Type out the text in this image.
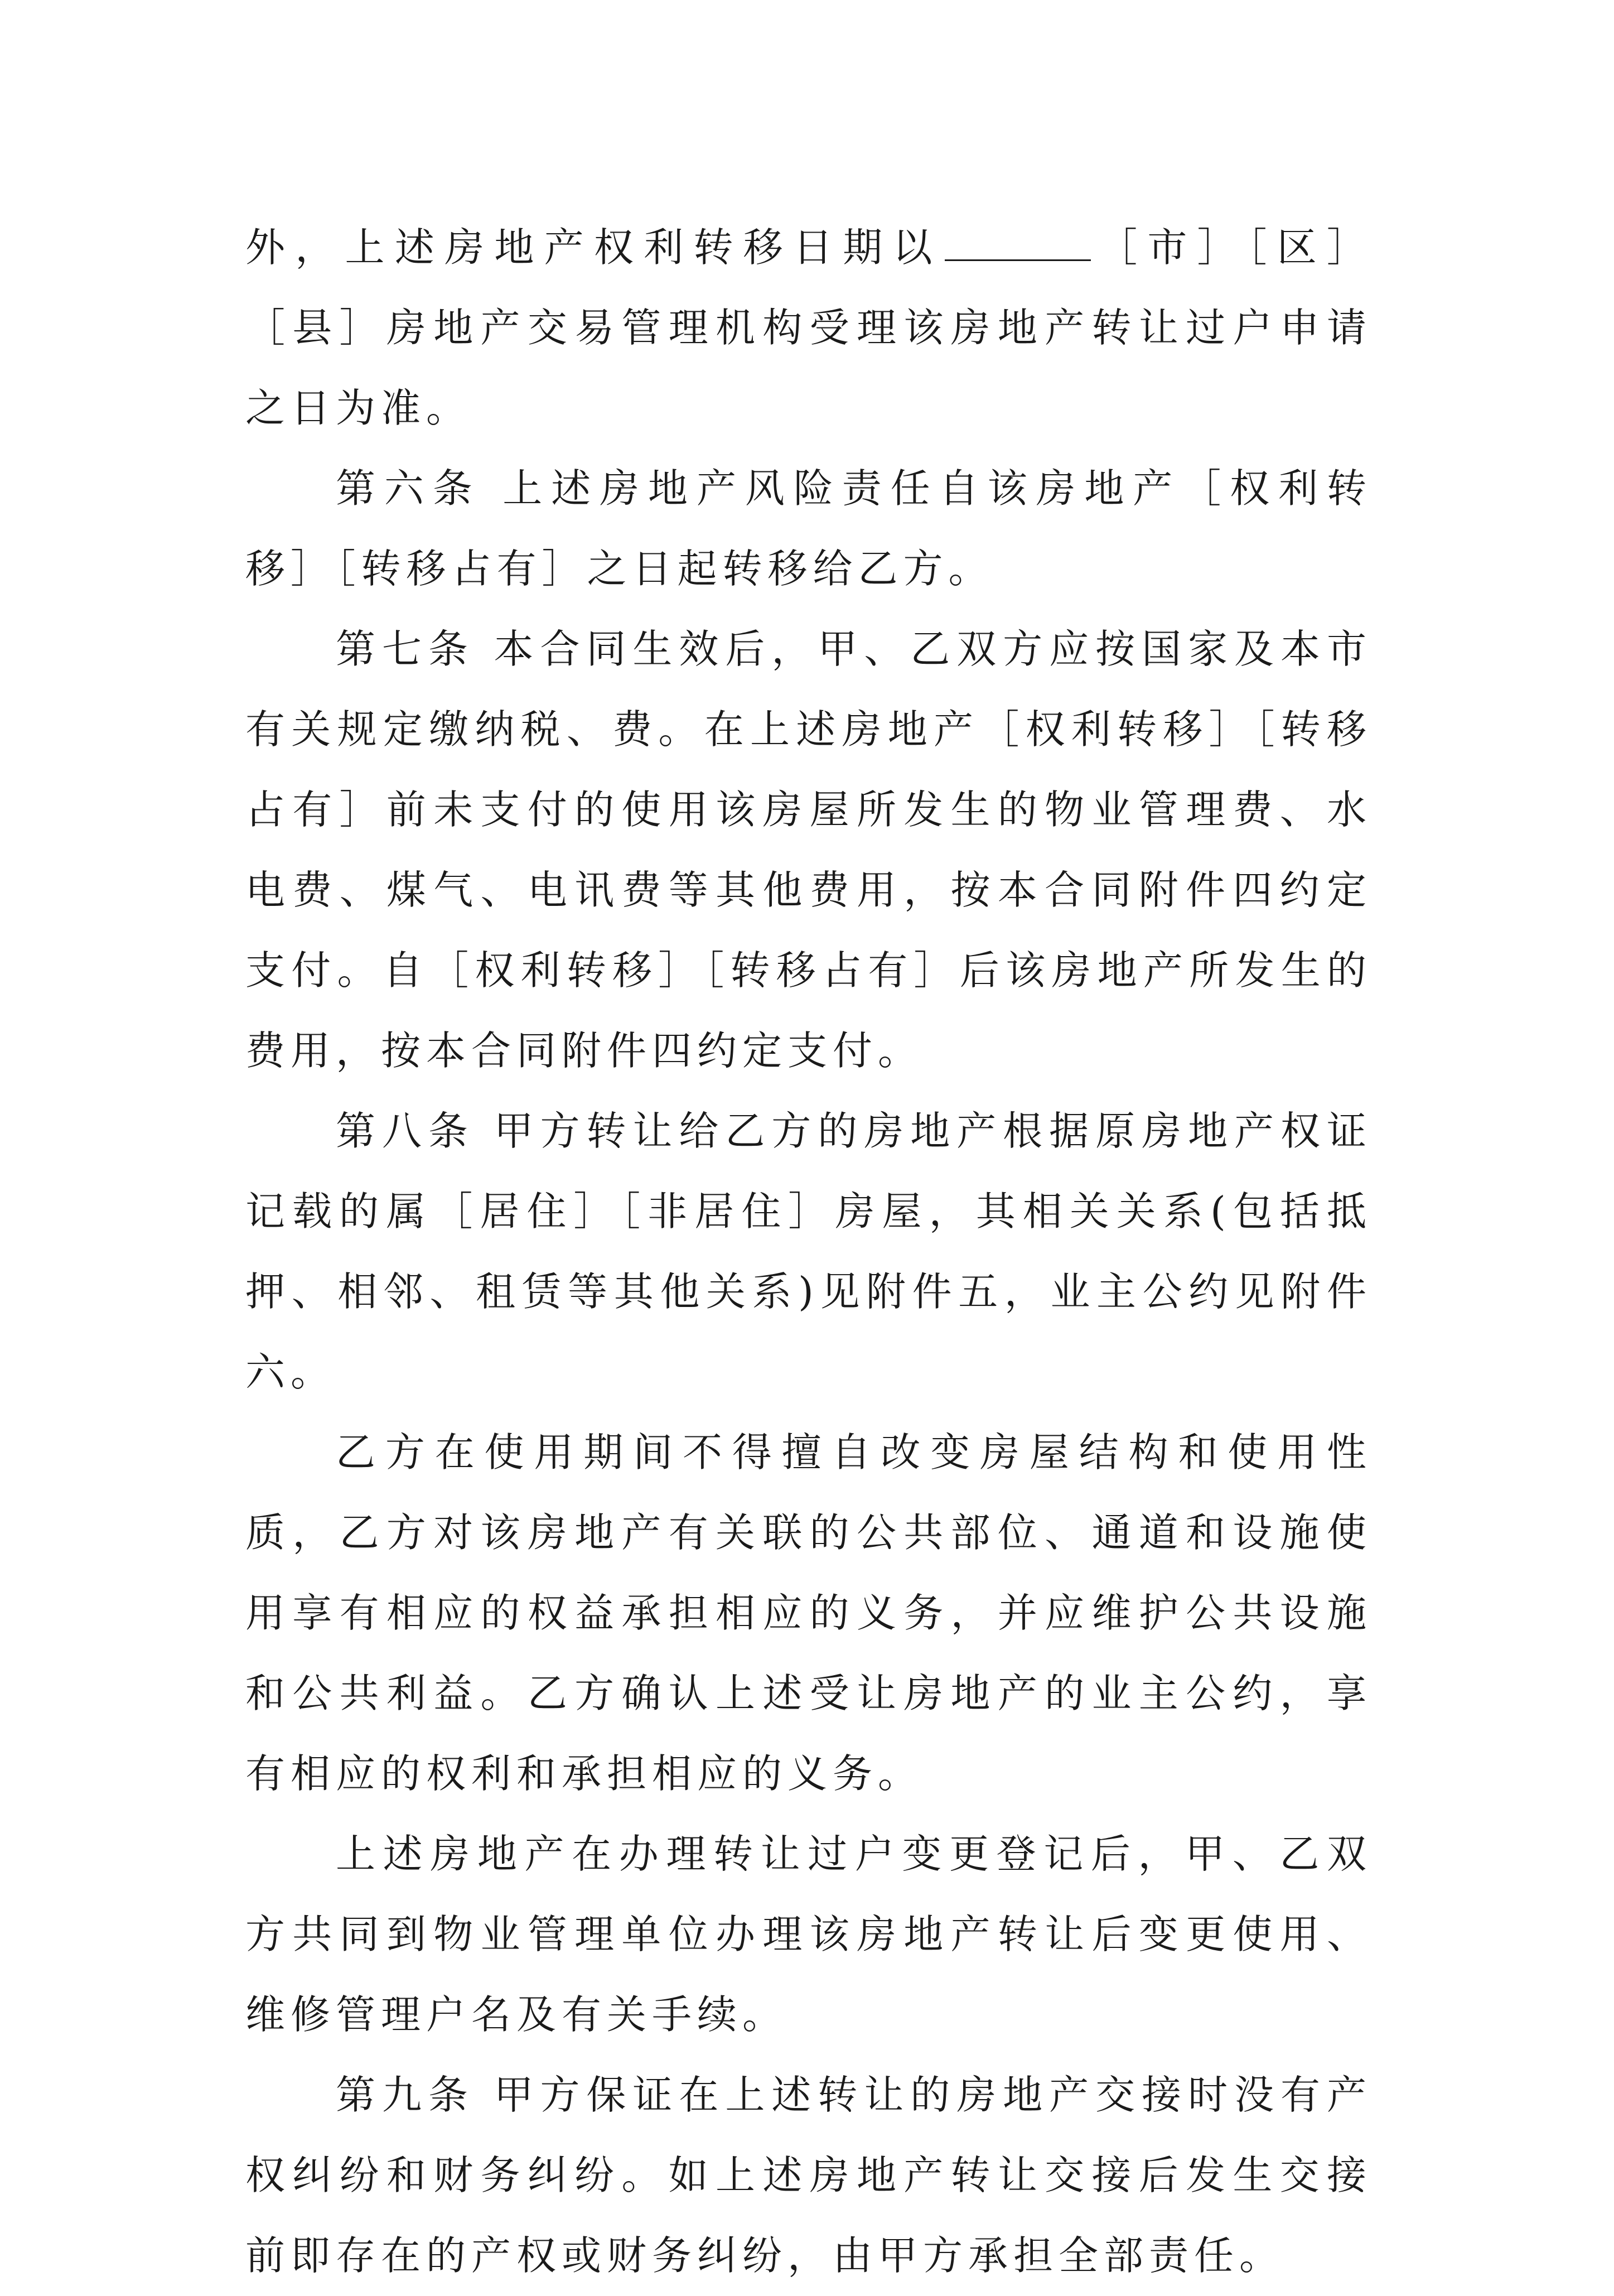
外，上述房地产权利转移日期以	［市］［区］［县］房地产交易管理机构受理该房地产转让过户申请之日为准。

第六条 上述房地产风险责任自该房地产［权利转移］［转移占有］之日起转移给乙方。

第七条 本合同生效后，甲、乙双方应按国家及本市有关规定缴纳税、费。在上述房地产［权利转移］［转移占有］前未支付的使用该房屋所发生的物业管理费、水电费、煤气、电讯费等其他费用，按本合同附件四约定支付。自［权利转移］［转移占有］后该房地产所发生的费用，按本合同附件四约定支付。

第八条 甲方转让给乙方的房地产根据原房地产权证记载的属［居住］［非居住］房屋，其相关关系(包括抵押、相邻、租赁等其他关系)见附件五，业主公约见附件六。

乙方在使用期间不得擅自改变房屋结构和使用性质，乙方对该房地产有关联的公共部位、通道和设施使用享有相应的权益承担相应的义务，并应维护公共设施和公共利益。乙方确认上述受让房地产的业主公约，享有相应的权利和承担相应的义务。

上述房地产在办理转让过户变更登记后，甲、乙双方共同到物业管理单位办理该房地产转让后变更使用、维修管理户名及有关手续。

第九条 甲方保证在上述转让的房地产交接时没有产权纠纷和财务纠纷。如上述房地产转让交接后发生交接前即存在的产权或财务纠纷，由甲方承担全部责任。
